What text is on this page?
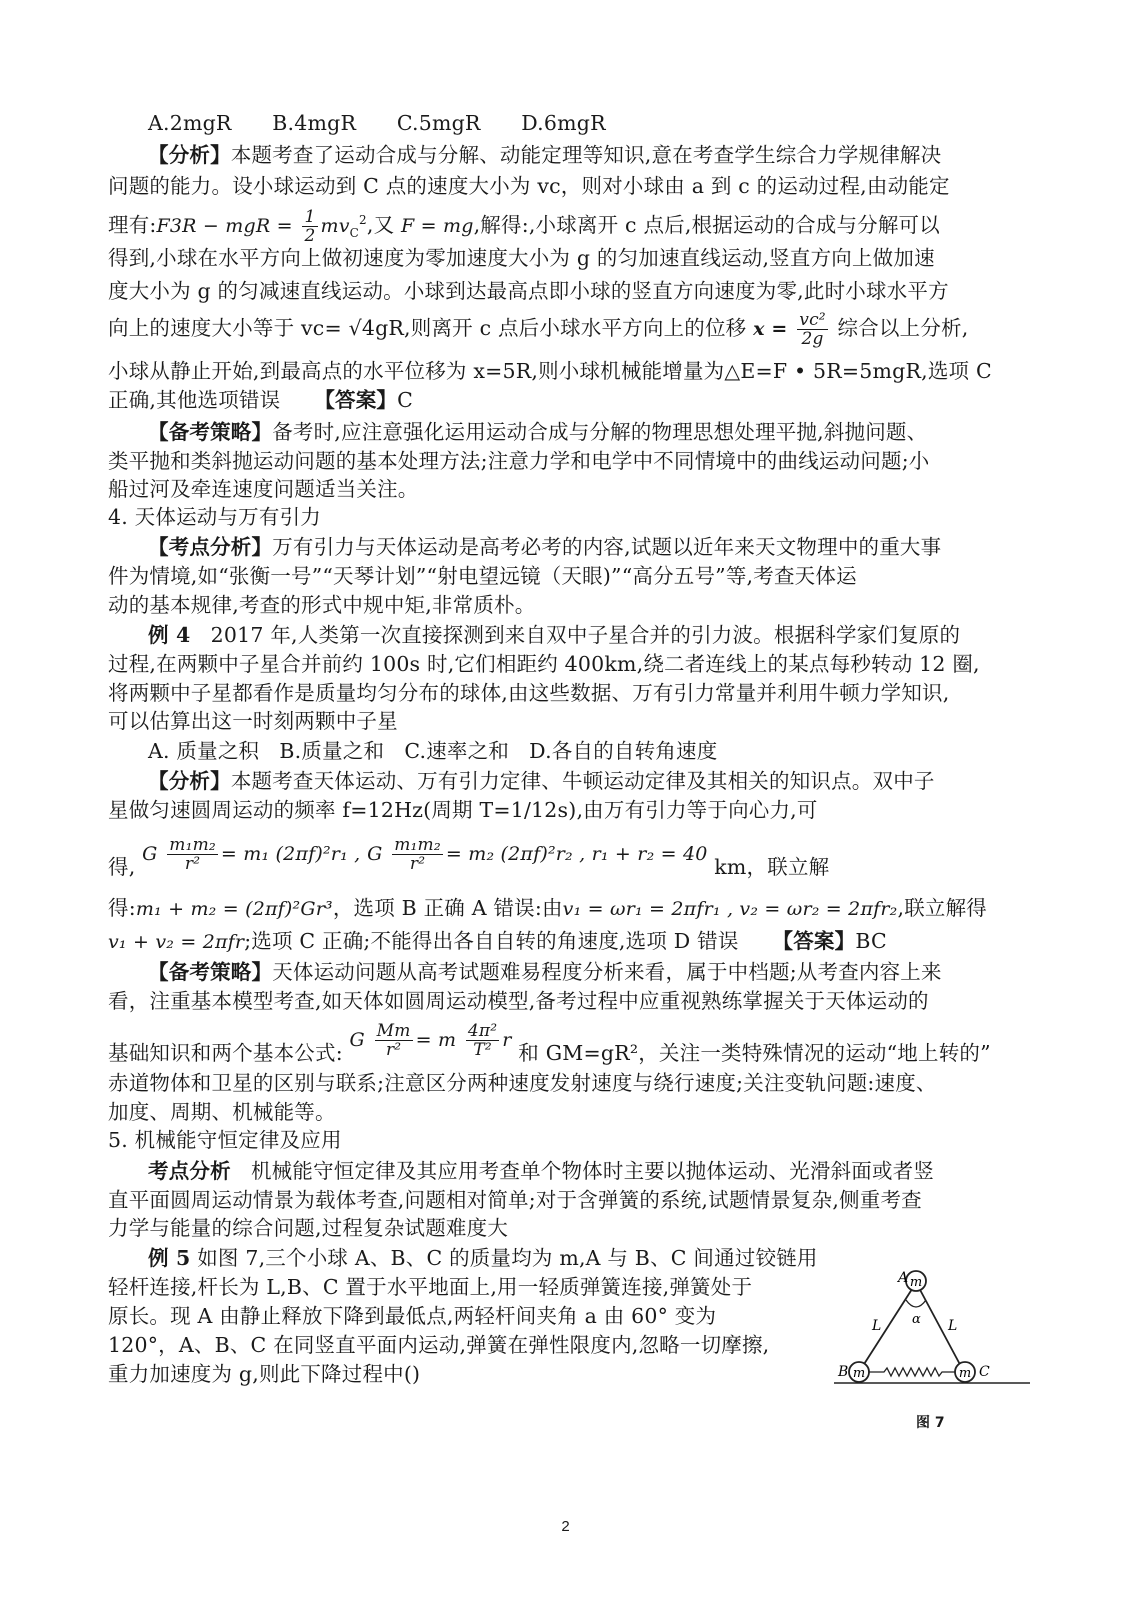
A.2mgR B.4mgR C.5mgR D.6mgR
【分析】本题考查了运动合成与分解、动能定理等知识,意在考查学生综合力学规律解决
问题的能力。设小球运动到 C 点的速度大小为 vc，则对小球由 a 到 c 的运动过程,由动能定
理有:F3R − mgR = $\frac{1}{2} mv_C^2$,又 F = mg,解得:,小球离开 c 点后,根据运动的合成与分解可以
得到,小球在水平方向上做初速度为零加速度大小为 g 的匀加速直线运动,竖直方向上做加速
度大小为 g 的匀减速直线运动。小球到达最高点即小球的竖直方向速度为零,此时小球水平方
向上的速度大小等于 vc= √4gR,则离开 c 点后小球水平方向上的位移 $x = \frac{\text{vc²}}{2g}$ 综合以上分析,
小球从静止开始,到最高点的水平位移为 x=5R,则小球机械能增量为△E=F • 5R=5mgR,选项 C
正确,其他选项错误 【答案】C
【备考策略】备考时,应注意强化运用运动合成与分解的物理思想处理平抛,斜抛问题、
类平抛和类斜抛运动问题的基本处理方法;注意力学和电学中不同情境中的曲线运动问题;小
船过河及牵连速度问题适当关注。
4. 天体运动与万有引力
【考点分析】万有引力与天体运动是高考必考的内容,试题以近年来天文物理中的重大事
件为情境,如“张衡一号”“天琴计划”“射电望远镜（天眼)”“高分五号”等,考查天体运
动的基本规律,考查的形式中规中矩,非常质朴。
例 4 2017 年,人类第一次直接探测到来自双中子星合并的引力波。根据科学家们复原的
过程,在两颗中子星合并前约 100s 时,它们相距约 400km,绕二者连线上的某点每秒转动 12 圈,
将两颗中子星都看作是质量均匀分布的球体,由这些数据、万有引力常量并利用牛顿力学知识,
可以估算出这一时刻两颗中子星
A. 质量之积 B.质量之和 C.速率之和 D.各自的自转角速度
【分析】本题考查天体运动、万有引力定律、牛顿运动定律及其相关的知识点。双中子
星做匀速圆周运动的频率 f=12Hz(周期 T=1/12s),由万有引力等于向心力,可
得, G $\frac{\text{m₁m₂}}{\text{r²}} = m_1$ (2πf)²r₁ , G $\frac{\text{m₁m₂}}{\text{r²}} = m_2$ (2πf)²r₂ , r₁ + r₂ = 40 km，联立解
得:m₁ + m₂ = (2πf)²Gr³，选项 B 正确 A 错误:由v₁ = ωr₁ = 2πfr₁ , v₂ = ωr₂ = 2πfr₂,联立解得
v₁ + v₂ = 2πfr;选项 C 正确;不能得出各自自转的角速度,选项 D 错误 【答案】BC
【备考策略】天体运动问题从高考试题难易程度分析来看，属于中档题;从考查内容上来
看，注重基本模型考查,如天体如圆周运动模型,备考过程中应重视熟练掌握关于天体运动的
基础知识和两个基本公式: G $\frac{Mm}{\text{r²}} = m \frac{\text{4π²}}{\text{T²}}$ r 和 GM=gR²，关注一类特殊情况的运动“地上转的”
赤道物体和卫星的区别与联系;注意区分两种速度发射速度与绕行速度;关注变轨问题:速度、
加度、周期、机械能等。
5. 机械能守恒定律及应用
考点分析 机械能守恒定律及其应用考查单个物体时主要以抛体运动、光滑斜面或者竖
直平面圆周运动情景为载体考查,问题相对简单;对于含弹簧的系统,试题情景复杂,侧重考查
力学与能量的综合问题,过程复杂试题难度大
例 5 如图 7,三个小球 A、B、C 的质量均为 m,A 与 B、C 间通过铰链用
轻杆连接,杆长为 L,B、C 置于水平地面上,用一轻质弹簧连接,弹簧处于
原长。现 A 由静止释放下降到最低点,两轻杆间夹角 a 由 60° 变为
120°，A、B、C 在同竖直平面内运动,弹簧在弹性限度内,忽略一切摩擦,
重力加速度为 g,则此下降过程中()
m
m	m
A
B	C
L	L
α
图 7
2
